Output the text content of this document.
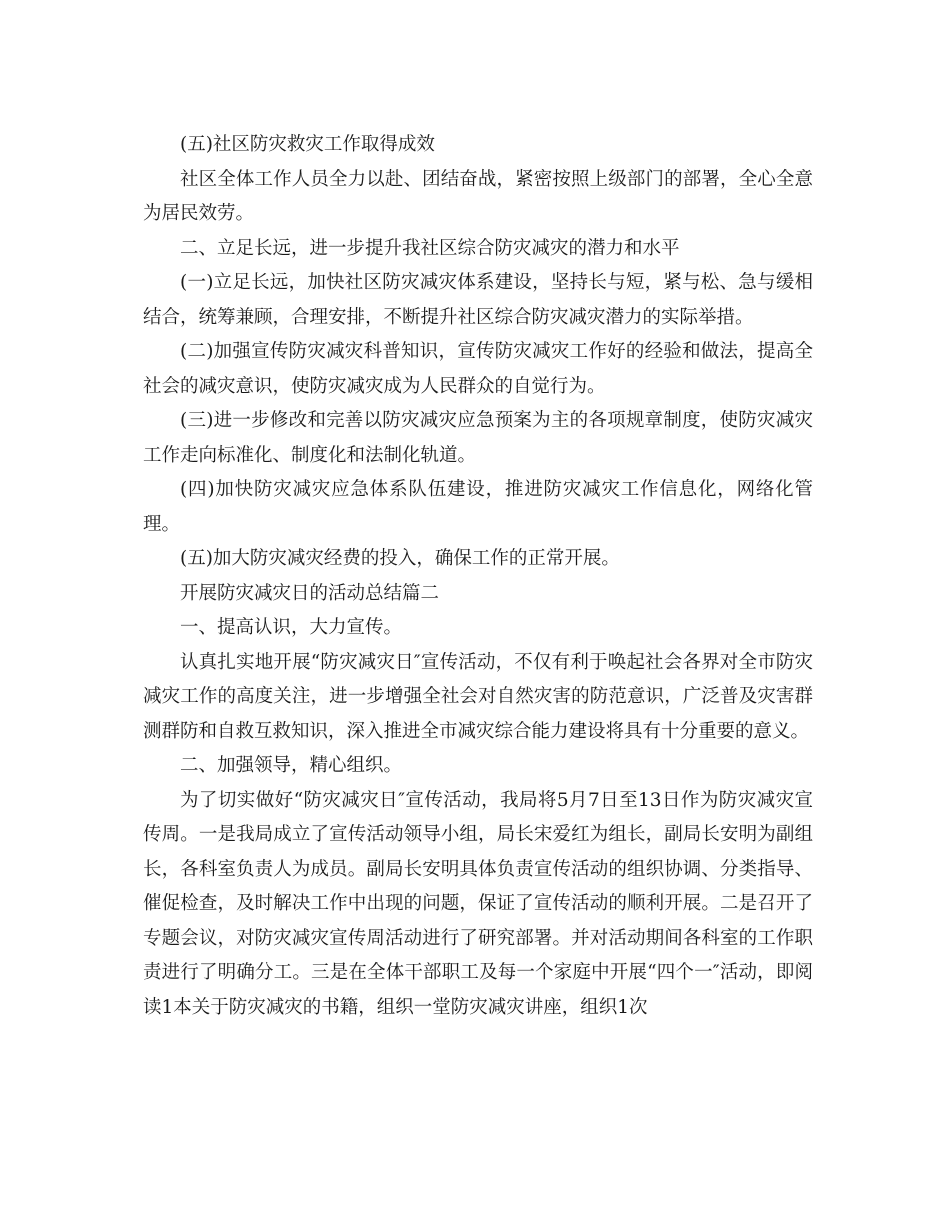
(五)社区防灾救灾工作取得成效

社区全体工作人员全力以赴、团结奋战，紧密按照上级部门的部署，全心全意为居民效劳。

二、立足长远，进一步提升我社区综合防灾减灾的潜力和水平

(一)立足长远，加快社区防灾减灾体系建设，坚持长与短，紧与松、急与缓相结合，统筹兼顾，合理安排，不断提升社区综合防灾减灾潜力的实际举措。

(二)加强宣传防灾减灾科普知识，宣传防灾减灾工作好的经验和做法，提高全社会的减灾意识，使防灾减灾成为人民群众的自觉行为。

(三)进一步修改和完善以防灾减灾应急预案为主的各项规章制度，使防灾减灾工作走向标准化、制度化和法制化轨道。

(四)加快防灾减灾应急体系队伍建设，推进防灾减灾工作信息化，网络化管理。

(五)加大防灾减灾经费的投入，确保工作的正常开展。

开展防灾减灾日的活动总结篇二

一、提高认识，大力宣传。

认真扎实地开展“防灾减灾日″宣传活动，不仅有利于唤起社会各界对全市防灾减灾工作的高度关注，进一步增强全社会对自然灾害的防范意识，广泛普及灾害群测群防和自救互救知识，深入推进全市减灾综合能力建设将具有十分重要的意义。

二、加强领导，精心组织。

为了切实做好“防灾减灾日″宣传活动，我局将5月7日至13日作为防灾减灾宣传周。一是我局成立了宣传活动领导小组，局长宋爱红为组长，副局长安明为副组长，各科室负责人为成员。副局长安明具体负责宣传活动的组织协调、分类指导、催促检查，及时解决工作中出现的问题，保证了宣传活动的顺利开展。二是召开了专题会议，对防灾减灾宣传周活动进行了研究部署。并对活动期间各科室的工作职责进行了明确分工。三是在全体干部职工及每一个家庭中开展“四个一″活动，即阅读1本关于防灾减灾的书籍，组织一堂防灾减灾讲座，组织1次
